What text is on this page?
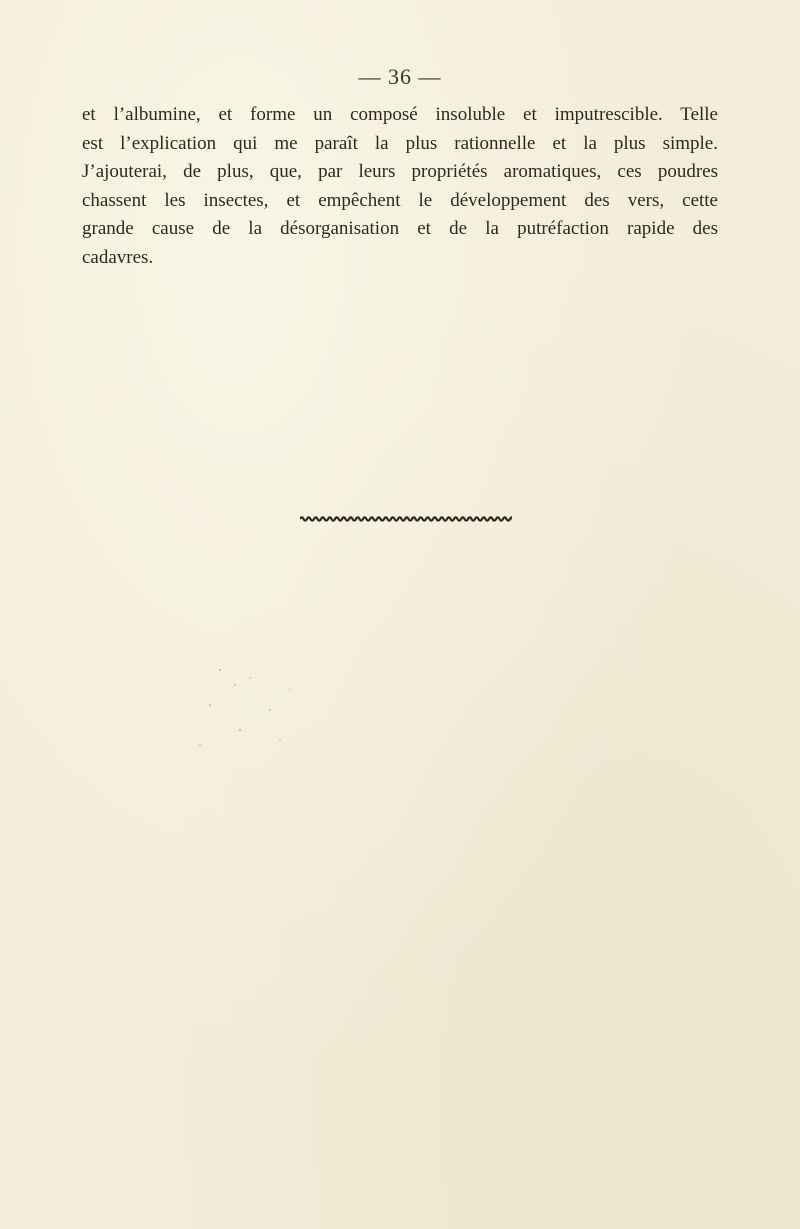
— 36 —
et l’albumine, et forme un composé insoluble et imputrescible. Telle
est l’explication qui me paraît la plus rationnelle et la plus simple.
J’ajouterai, de plus, que, par leurs propriétés aromatiques, ces poudres
chassent les insectes, et empêchent le développement des vers, cette
grande cause de la désorganisation et de la putréfaction rapide des
cadavres.
